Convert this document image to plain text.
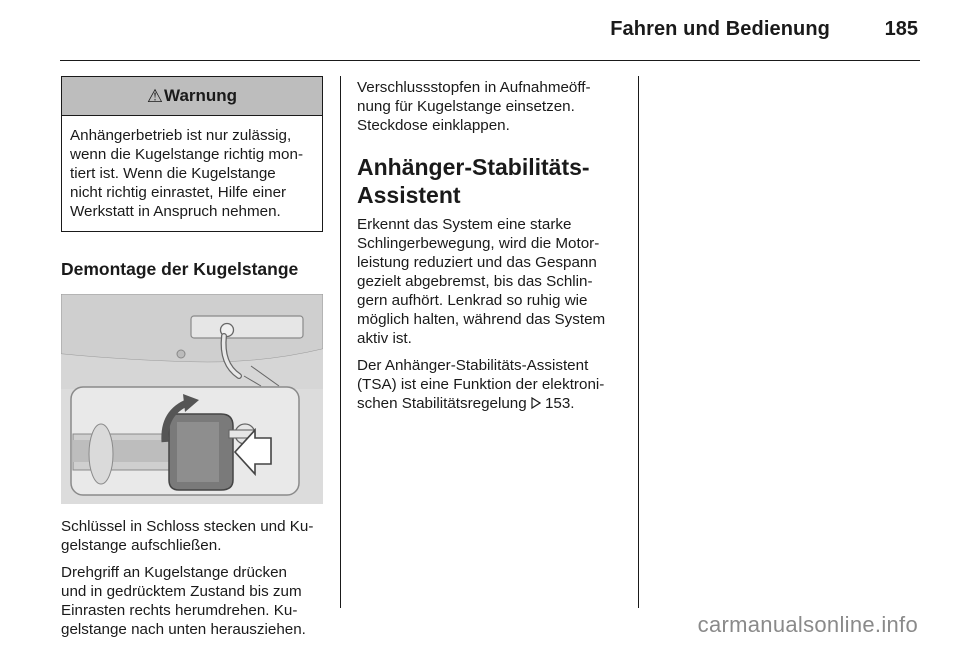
Fahren und Bedienung	185
⚠ Warnung
Anhängerbetrieb ist nur zulässig,
wenn die Kugelstange richtig mon-
tiert ist. Wenn die Kugelstange
nicht richtig einrastet, Hilfe einer
Werkstatt in Anspruch nehmen.
Demontage der Kugelstange
Schlüssel in Schloss stecken und Ku-
gelstange aufschließen.
Drehgriff an Kugelstange drücken
und in gedrücktem Zustand bis zum
Einrasten rechts herumdrehen. Ku-
gelstange nach unten herausziehen.
Verschlussstopfen in Aufnahmeöff-
nung für Kugelstange einsetzen.
Steckdose einklappen.
Anhänger-Stabilitäts-
Assistent
Erkennt das System eine starke
Schlingerbewegung, wird die Motor-
leistung reduziert und das Gespann
gezielt abgebremst, bis das Schlin-
gern aufhört. Lenkrad so ruhig wie
möglich halten, während das System
aktiv ist.
Der Anhänger-Stabilitäts-Assistent
(TSA) ist eine Funktion der elektroni-
schen Stabilitätsregelung 153.
carmanualsonline.info
